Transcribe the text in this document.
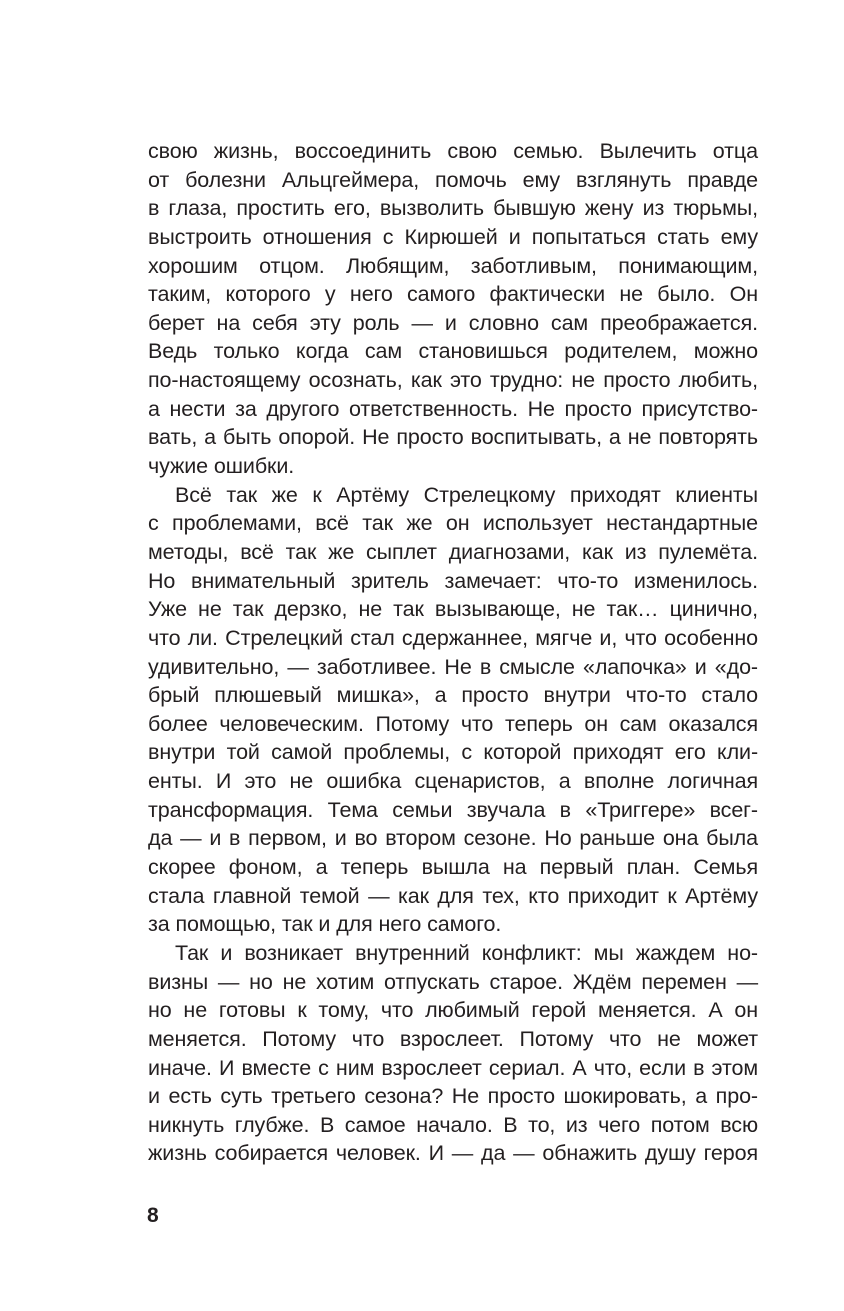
свою жизнь, воссоединить свою семью. Вылечить отца
от болезни Альцгеймера, помочь ему взглянуть правде
в глаза, простить его, вызволить бывшую жену из тюрьмы,
выстроить отношения с Кирюшей и попытаться стать ему
хорошим отцом. Любящим, заботливым, понимающим,
таким, которого у него самого фактически не было. Он
берет на себя эту роль — и словно сам преображается.
Ведь только когда сам становишься родителем, можно
по-настоящему осознать, как это трудно: не просто любить,
а нести за другого ответственность. Не просто присутство-
вать, а быть опорой. Не просто воспитывать, а не повторять
чужие ошибки.
Всё так же к Артёму Стрелецкому приходят клиенты
с проблемами, всё так же он использует нестандартные
методы, всё так же сыплет диагнозами, как из пулемёта.
Но внимательный зритель замечает: что-то изменилось.
Уже не так дерзко, не так вызывающе, не так… цинично,
что ли. Стрелецкий стал сдержаннее, мягче и, что особенно
удивительно, — заботливее. Не в смысле «лапочка» и «до-
брый плюшевый мишка», а просто внутри что-то стало
более человеческим. Потому что теперь он сам оказался
внутри той самой проблемы, с которой приходят его кли-
енты. И это не ошибка сценаристов, а вполне логичная
трансформация. Тема семьи звучала в «Триггере» всег-
да — и в первом, и во втором сезоне. Но раньше она была
скорее фоном, а теперь вышла на первый план. Семья
стала главной темой — как для тех, кто приходит к Артёму
за помощью, так и для него самого.
Так и возникает внутренний конфликт: мы жаждем но-
визны — но не хотим отпускать старое. Ждём перемен —
но не готовы к тому, что любимый герой меняется. А он
меняется. Потому что взрослеет. Потому что не может
иначе. И вместе с ним взрослеет сериал. А что, если в этом
и есть суть третьего сезона? Не просто шокировать, а про-
никнуть глубже. В самое начало. В то, из чего потом всю
жизнь собирается человек. И — да — обнажить душу героя
8
